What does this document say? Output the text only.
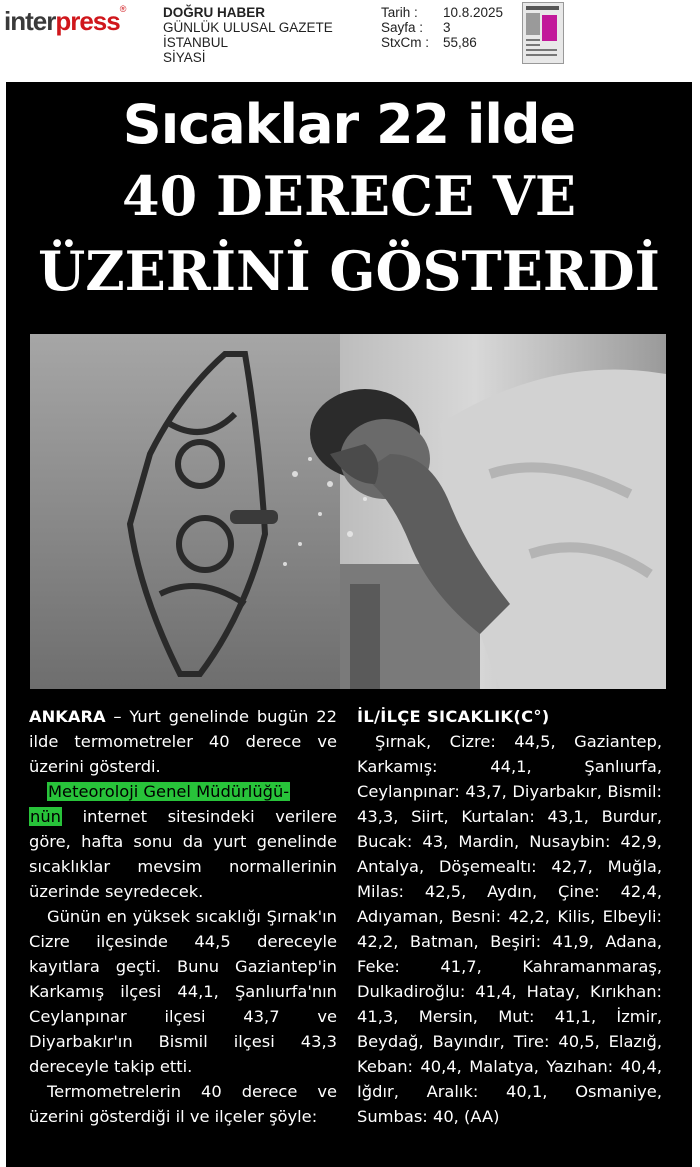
interpress®	DOĞRU HABER
GÜNLÜK ULUSAL GAZETE
İSTANBUL
SİYASİ
Tarih :	10.8.2025
Sayfa :	3
StxCm :	55,86
Sıcaklar 22 ilde
40 DERECE VE
ÜZERİNİ GÖSTERDİ

ANKARA – Yurt genelinde bugün 22 ilde termometreler 40 derece ve üzerini gösterdi.

Meteoroloji Genel Müdürlüğü-
nün internet sitesindeki verilere göre, hafta sonu da yurt genelinde sıcaklıklar mevsim normallerinin üzerinde seyredecek.

Günün en yüksek sıcaklığı Şırnak'ın Cizre ilçesinde 44,5 dereceyle kayıtlara geçti. Bunu Gaziantep'in Karkamış ilçesi 44,1, Şanlıurfa'nın Ceylanpınar ilçesi 43,7 ve Diyarbakır'ın Bismil ilçesi 43,3 dereceyle takip etti.

Termometrelerin 40 derece ve üzerini gösterdiği il ve ilçeler şöyle:

İL/İLÇE SICAKLIK(C°)

Şırnak, Cizre: 44,5, Gaziantep, Karkamış: 44,1, Şanlıurfa, Ceylanpınar: 43,7, Diyarbakır, Bismil: 43,3, Siirt, Kurtalan: 43,1, Burdur, Bucak: 43, Mardin, Nusaybin: 42,9, Antalya, Döşemealtı: 42,7, Muğla, Milas: 42,5, Aydın, Çine: 42,4, Adıyaman, Besni: 42,2, Kilis, Elbeyli: 42,2, Batman, Beşiri: 41,9, Adana, Feke: 41,7, Kahramanmaraş, Dulkadiroğlu: 41,4, Hatay, Kırıkhan: 41,3, Mersin, Mut: 41,1, İzmir, Beydağ, Bayındır, Tire: 40,5, Elazığ, Keban: 40,4, Malatya, Yazıhan: 40,4, Iğdır, Aralık: 40,1, Osmaniye, Sumbas: 40, (AA)
